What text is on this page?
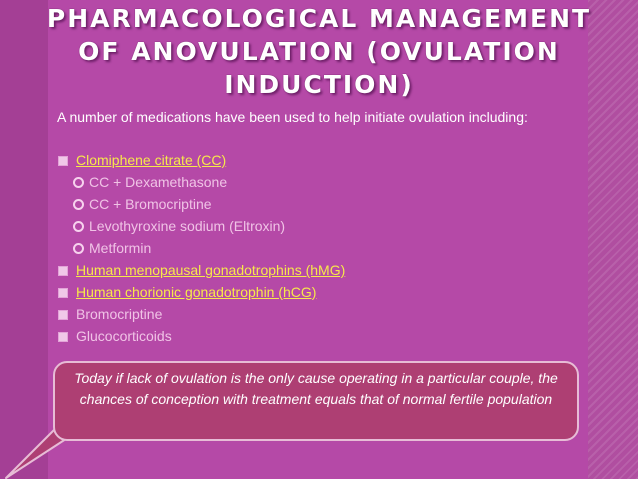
PHARMACOLOGICAL MANAGEMENT
OF ANOVULATION (OVULATION
INDUCTION)
A number of medications have been used to help initiate ovulation including:
Clomiphene citrate (CC)
CC + Dexamethasone
CC + Bromocriptine
Levothyroxine sodium (Eltroxin)
Metformin
Human menopausal gonadotrophins (hMG)
Human chorionic gonadotrophin (hCG)
Bromocriptine
Glucocorticoids
Today if lack of ovulation is the only cause operating in a particular couple, the chances of conception with treatment equals that of normal fertile population
